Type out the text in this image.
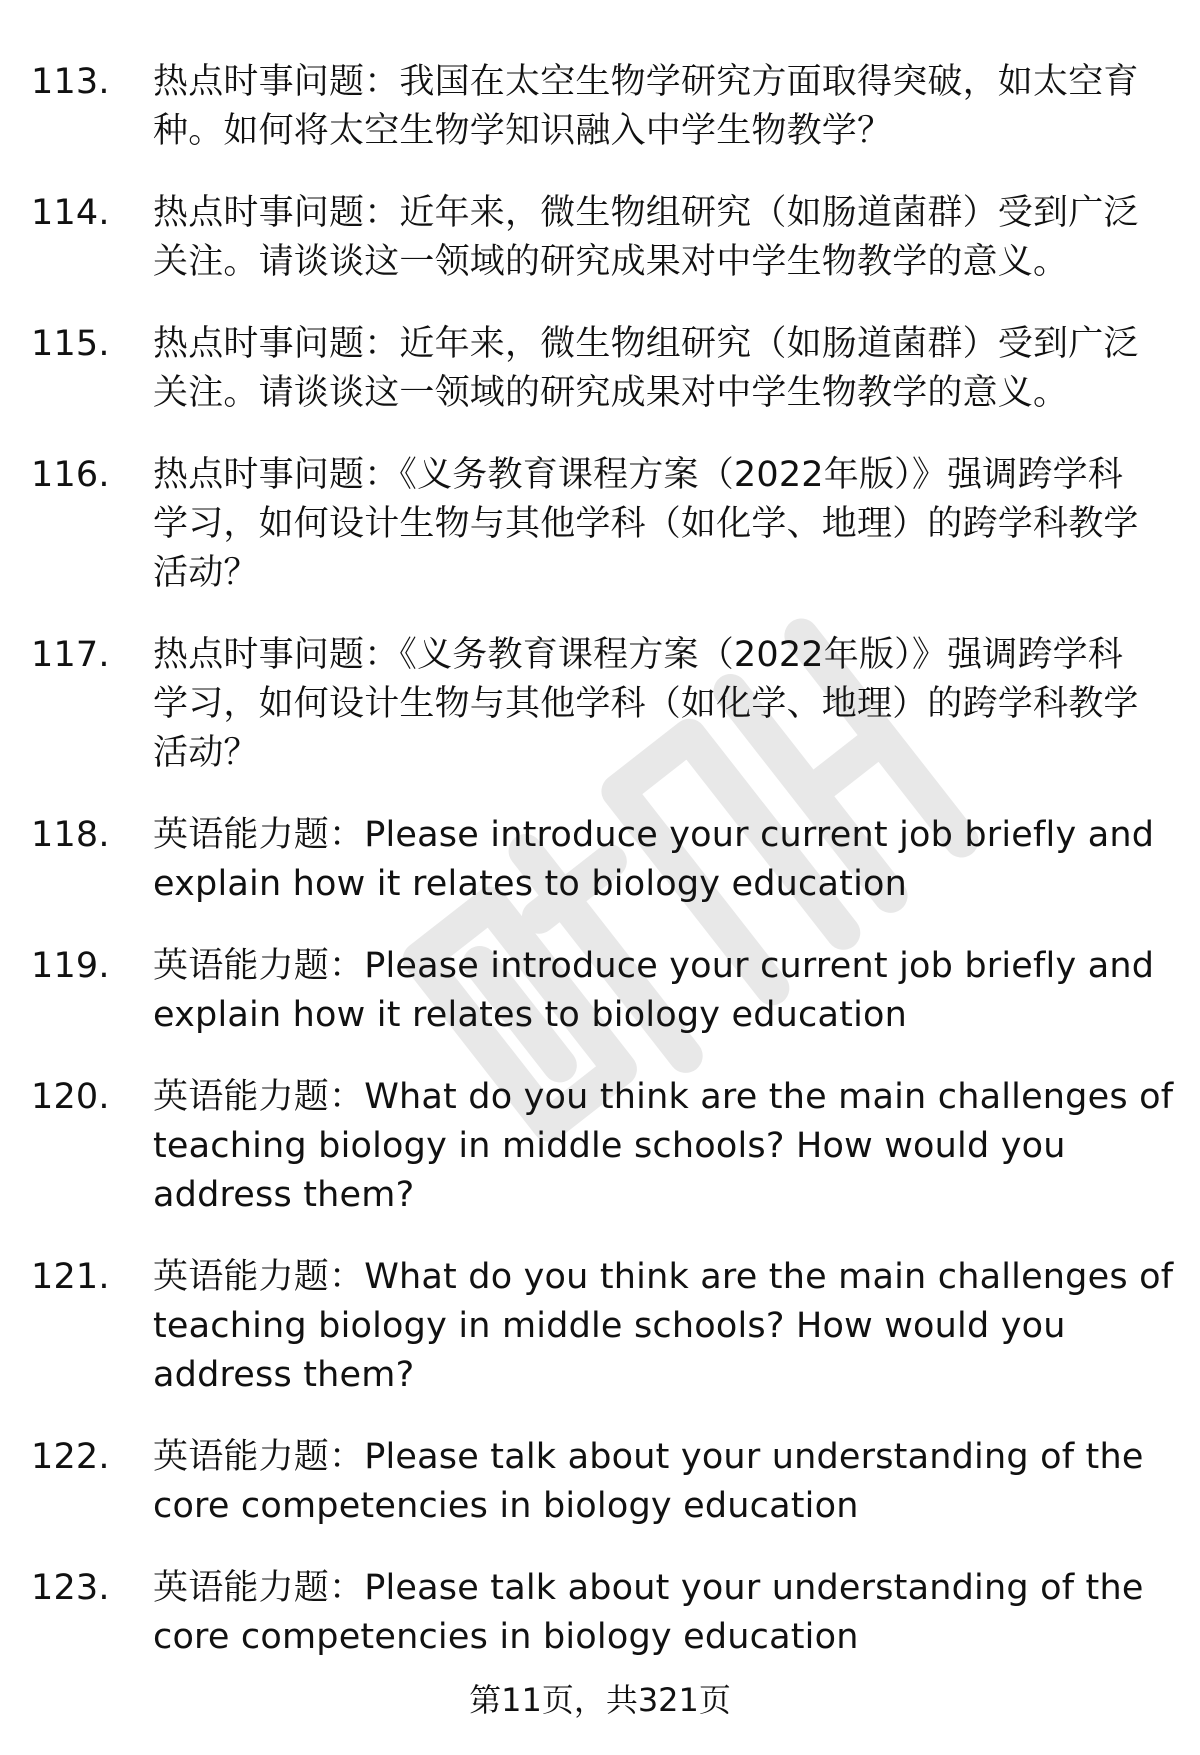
113.	热点时事问题：我国在太空生物学研究方面取得突破，如太空育
种。如何将太空生物学知识融入中学生物教学？
114.	热点时事问题：近年来，微生物组研究（如肠道菌群）受到广泛
关注。请谈谈这一领域的研究成果对中学生物教学的意义。
115.	热点时事问题：近年来，微生物组研究（如肠道菌群）受到广泛
关注。请谈谈这一领域的研究成果对中学生物教学的意义。
116.	热点时事问题：《义务教育课程方案（2022年版）》强调跨学科
学习，如何设计生物与其他学科（如化学、地理）的跨学科教学
活动？
117.	热点时事问题：《义务教育课程方案（2022年版）》强调跨学科
学习，如何设计生物与其他学科（如化学、地理）的跨学科教学
活动？
118.	英语能力题：Please introduce your current job briefly and
explain how it relates to biology education
119.	英语能力题：Please introduce your current job briefly and
explain how it relates to biology education
120.	英语能力题：What do you think are the main challenges of
teaching biology in middle schools? How would you
address them?
121.	英语能力题：What do you think are the main challenges of
teaching biology in middle schools? How would you
address them?
122.	英语能力题：Please talk about your understanding of the
core competencies in biology education
123.	英语能力题：Please talk about your understanding of the
core competencies in biology education
第11页，共321页
